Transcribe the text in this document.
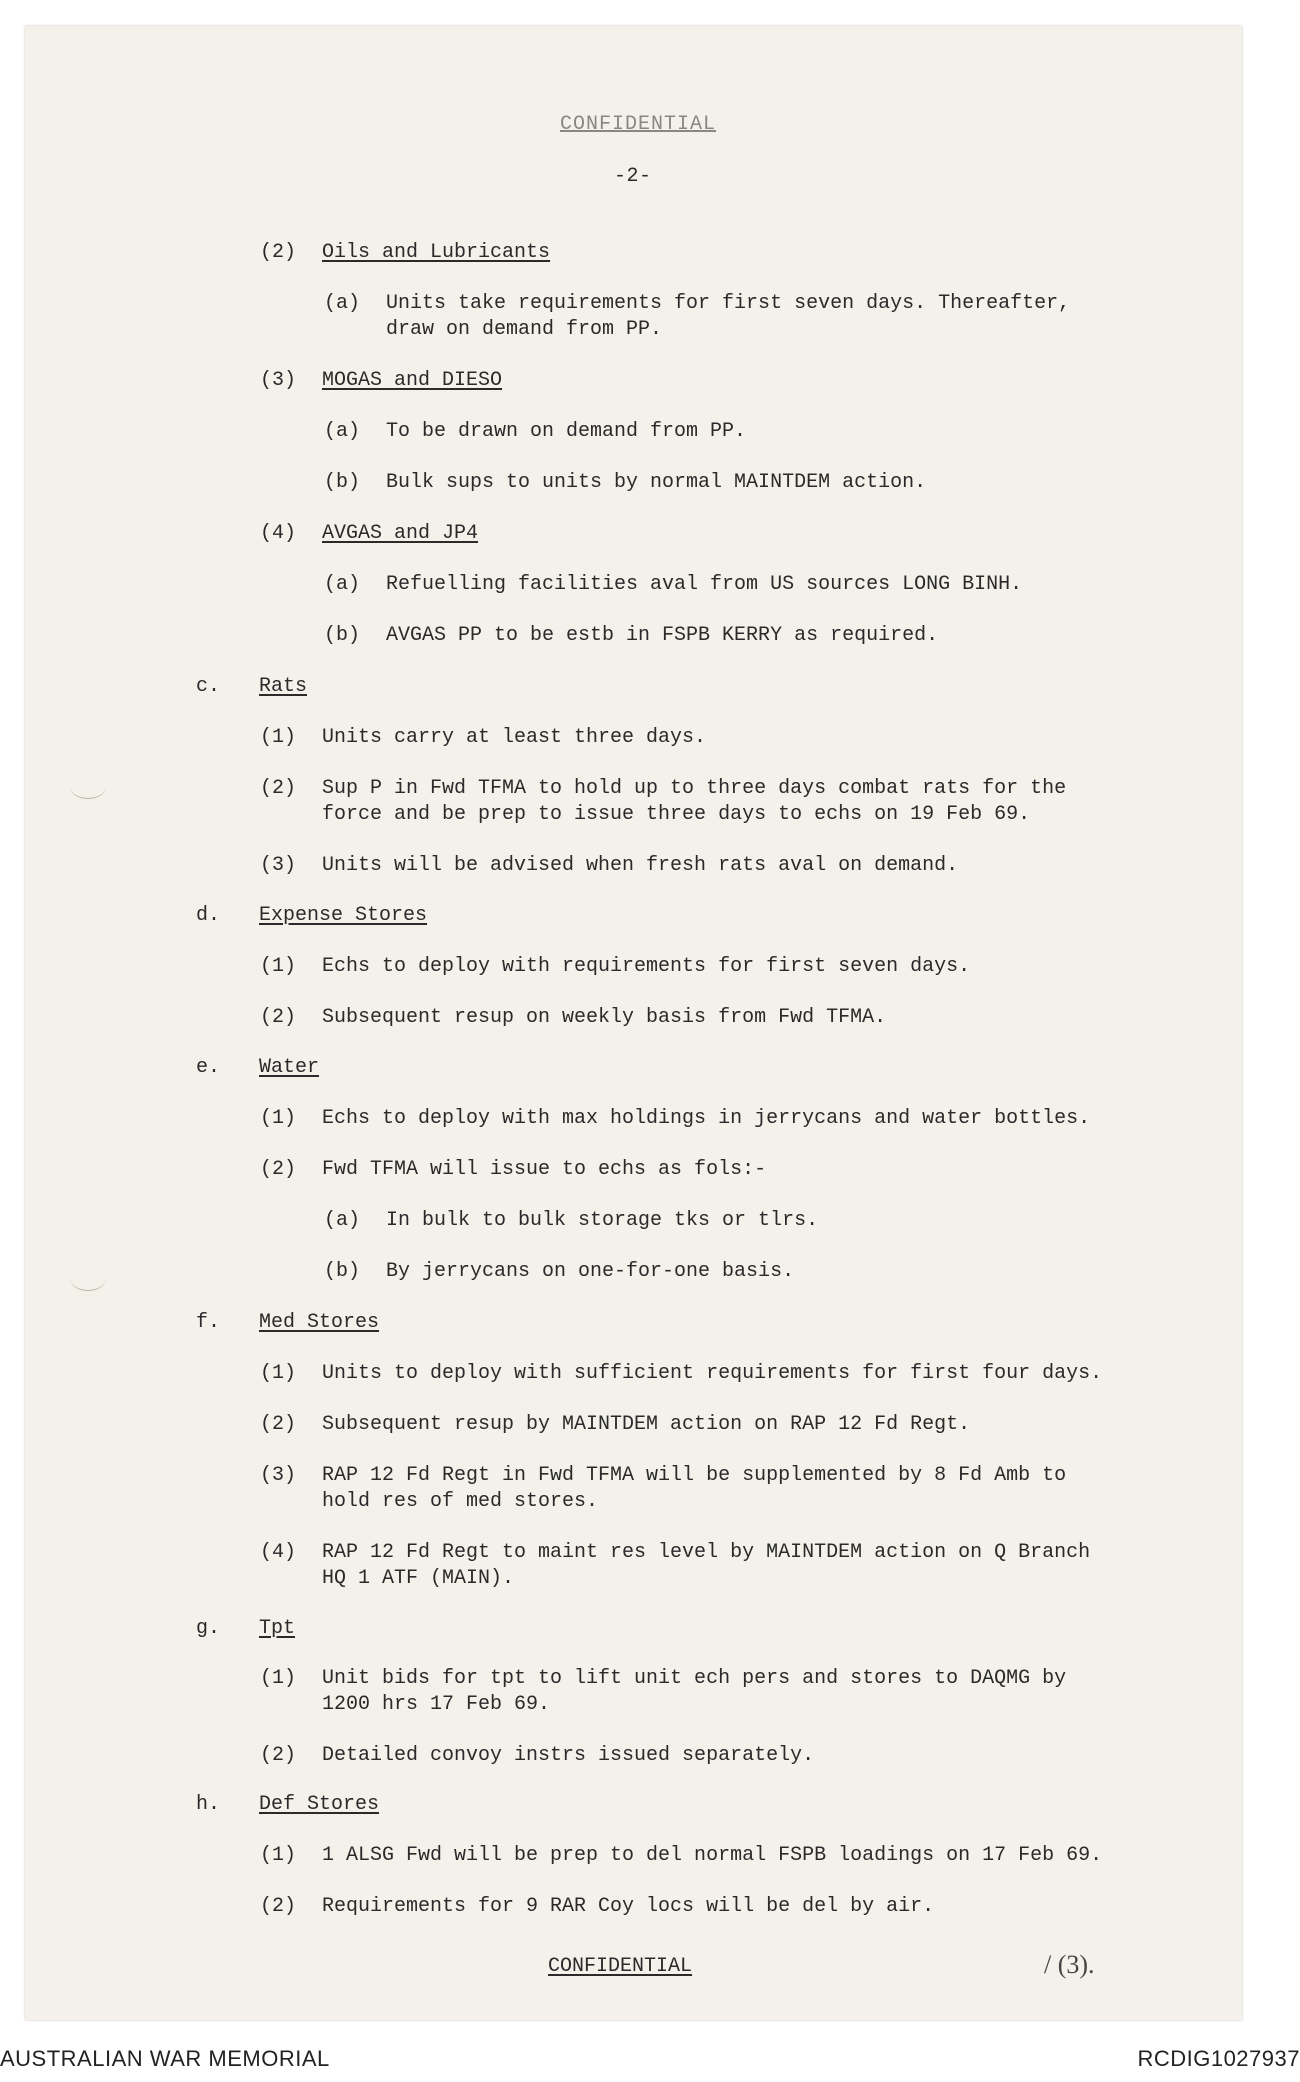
CONFIDENTIAL
-2-
(2) Oils and Lubricants
(a) Units take requirements for first seven days. Thereafter,
draw on demand from PP.
(3) MOGAS and DIESO
(a) To be drawn on demand from PP.
(b) Bulk sups to units by normal MAINTDEM action.
(4) AVGAS and JP4
(a) Refuelling facilities aval from US sources LONG BINH.
(b) AVGAS PP to be estb in FSPB KERRY as required.
c. Rats
(1) Units carry at least three days.
(2) Sup P in Fwd TFMA to hold up to three days combat rats for the
force and be prep to issue three days to echs on 19 Feb 69.
(3) Units will be advised when fresh rats aval on demand.
d. Expense Stores
(1) Echs to deploy with requirements for first seven days.
(2) Subsequent resup on weekly basis from Fwd TFMA.
e. Water
(1) Echs to deploy with max holdings in jerrycans and water bottles.
(2) Fwd TFMA will issue to echs as fols:-
(a) In bulk to bulk storage tks or tlrs.
(b) By jerrycans on one-for-one basis.
f. Med Stores
(1) Units to deploy with sufficient requirements for first four days.
(2) Subsequent resup by MAINTDEM action on RAP 12 Fd Regt.
(3) RAP 12 Fd Regt in Fwd TFMA will be supplemented by 8 Fd Amb to
hold res of med stores.
(4) RAP 12 Fd Regt to maint res level by MAINTDEM action on Q Branch
HQ 1 ATF (MAIN).
g. Tpt
(1) Unit bids for tpt to lift unit ech pers and stores to DAQMG by
1200 hrs 17 Feb 69.
(2) Detailed convoy instrs issued separately.
h. Def Stores
(1) 1 ALSG Fwd will be prep to del normal FSPB loadings on 17 Feb 69.
(2) Requirements for 9 RAR Coy locs will be del by air.
CONFIDENTIAL	/ (3).
AUSTRALIAN WAR MEMORIAL	RCDIG1027937
